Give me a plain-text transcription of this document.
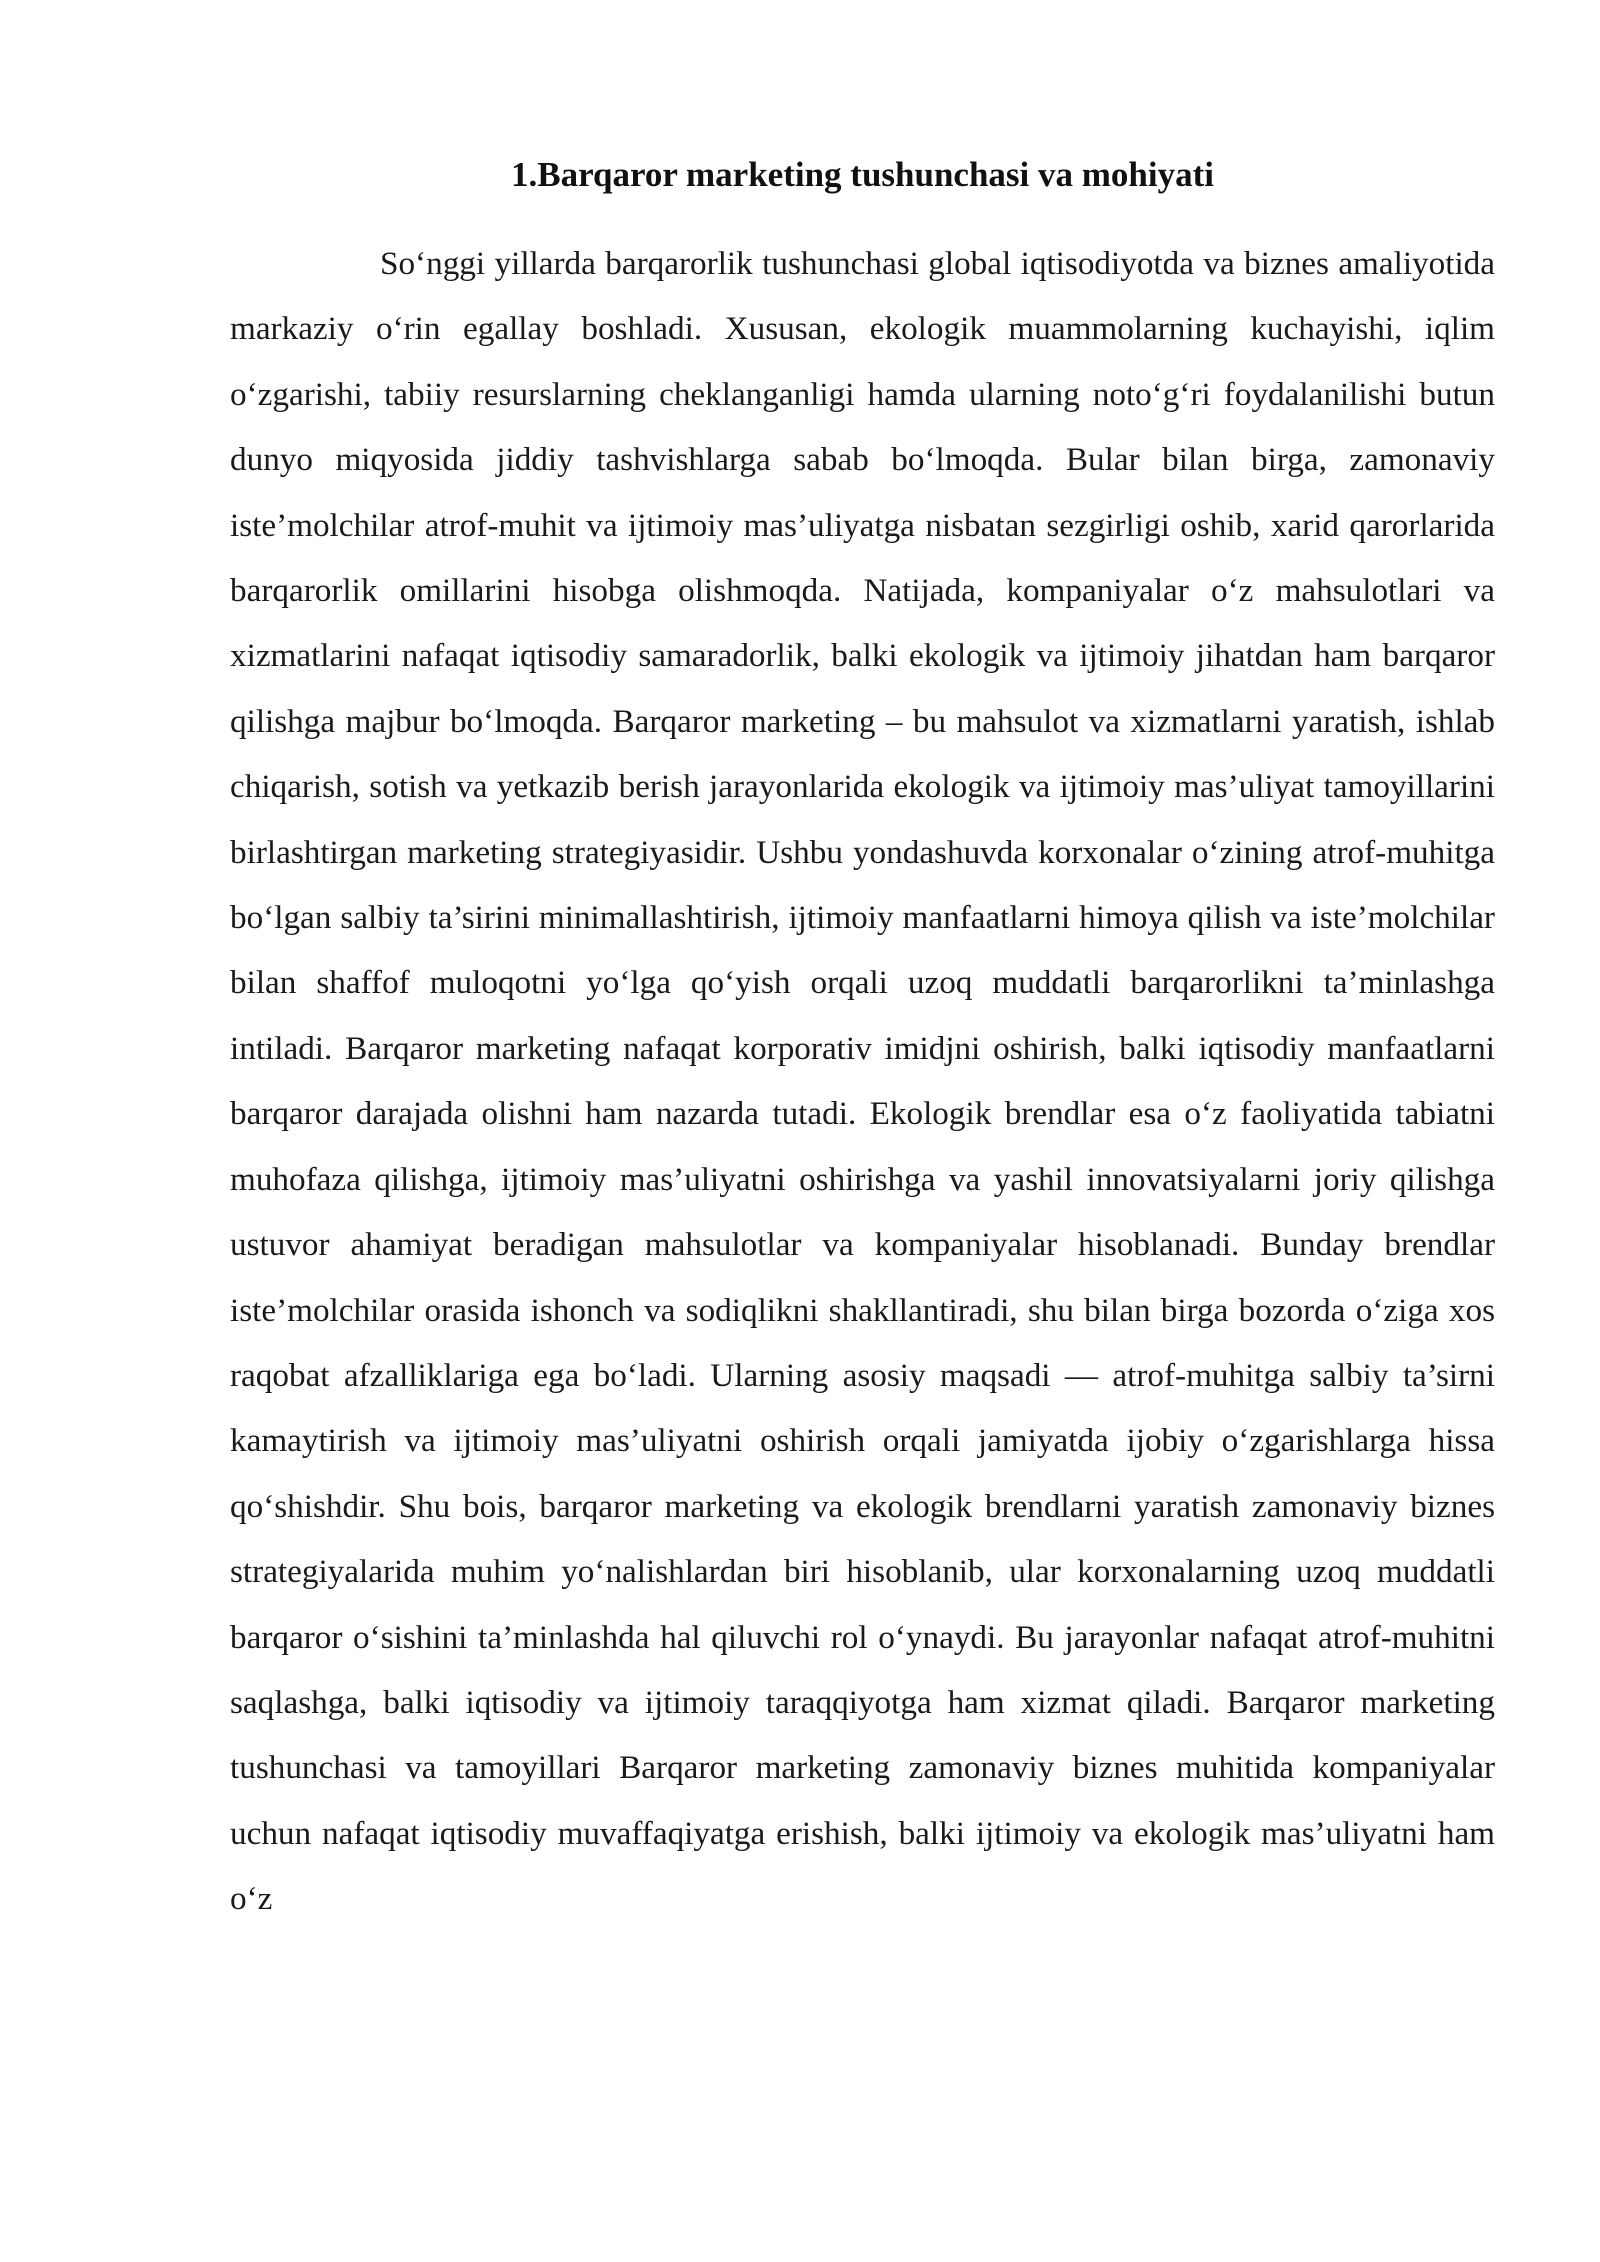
1.Barqaror marketing tushunchasi va mohiyati

So‘nggi yillarda barqarorlik tushunchasi global iqtisodiyotda va biznes amaliyotida markaziy o‘rin egallay boshladi. Xususan, ekologik muammolarning kuchayishi, iqlim o‘zgarishi, tabiiy resurslarning cheklanganligi hamda ularning noto‘g‘ri foydalanilishi butun dunyo miqyosida jiddiy tashvishlarga sabab bo‘lmoqda. Bular bilan birga, zamonaviy iste’molchilar atrof-muhit va ijtimoiy mas’uliyatga nisbatan sezgirligi oshib, xarid qarorlarida barqarorlik omillarini hisobga olishmoqda. Natijada, kompaniyalar o‘z mahsulotlari va xizmatlarini nafaqat iqtisodiy samaradorlik, balki ekologik va ijtimoiy jihatdan ham barqaror qilishga majbur bo‘lmoqda. Barqaror marketing – bu mahsulot va xizmatlarni yaratish, ishlab chiqarish, sotish va yetkazib berish jarayonlarida ekologik va ijtimoiy mas’uliyat tamoyillarini birlashtirgan marketing strategiyasidir. Ushbu yondashuvda korxonalar o‘zining atrof-muhitga bo‘lgan salbiy ta’sirini minimallashtirish, ijtimoiy manfaatlarni himoya qilish va iste’molchilar bilan shaffof muloqotni yo‘lga qo‘yish orqali uzoq muddatli barqarorlikni ta’minlashga intiladi. Barqaror marketing nafaqat korporativ imidjni oshirish, balki iqtisodiy manfaatlarni barqaror darajada olishni ham nazarda tutadi. Ekologik brendlar esa o‘z faoliyatida tabiatni muhofaza qilishga, ijtimoiy mas’uliyatni oshirishga va yashil innovatsiyalarni joriy qilishga ustuvor ahamiyat beradigan mahsulotlar va kompaniyalar hisoblanadi. Bunday brendlar iste’molchilar orasida ishonch va sodiqlikni shakllantiradi, shu bilan birga bozorda o‘ziga xos raqobat afzalliklariga ega bo‘ladi. Ularning asosiy maqsadi — atrof-muhitga salbiy ta’sirni kamaytirish va ijtimoiy mas’uliyatni oshirish orqali jamiyatda ijobiy o‘zgarishlarga hissa qo‘shishdir. Shu bois, barqaror marketing va ekologik brendlarni yaratish zamonaviy biznes strategiyalarida muhim yo‘nalishlardan biri hisoblanib, ular korxonalarning uzoq muddatli barqaror o‘sishini ta’minlashda hal qiluvchi rol o‘ynaydi. Bu jarayonlar nafaqat atrof-muhitni saqlashga, balki iqtisodiy va ijtimoiy taraqqiyotga ham xizmat qiladi. Barqaror marketing tushunchasi va tamoyillari Barqaror marketing zamonaviy biznes muhitida kompaniyalar uchun nafaqat iqtisodiy muvaffaqiyatga erishish, balki ijtimoiy va ekologik mas’uliyatni ham o‘z
